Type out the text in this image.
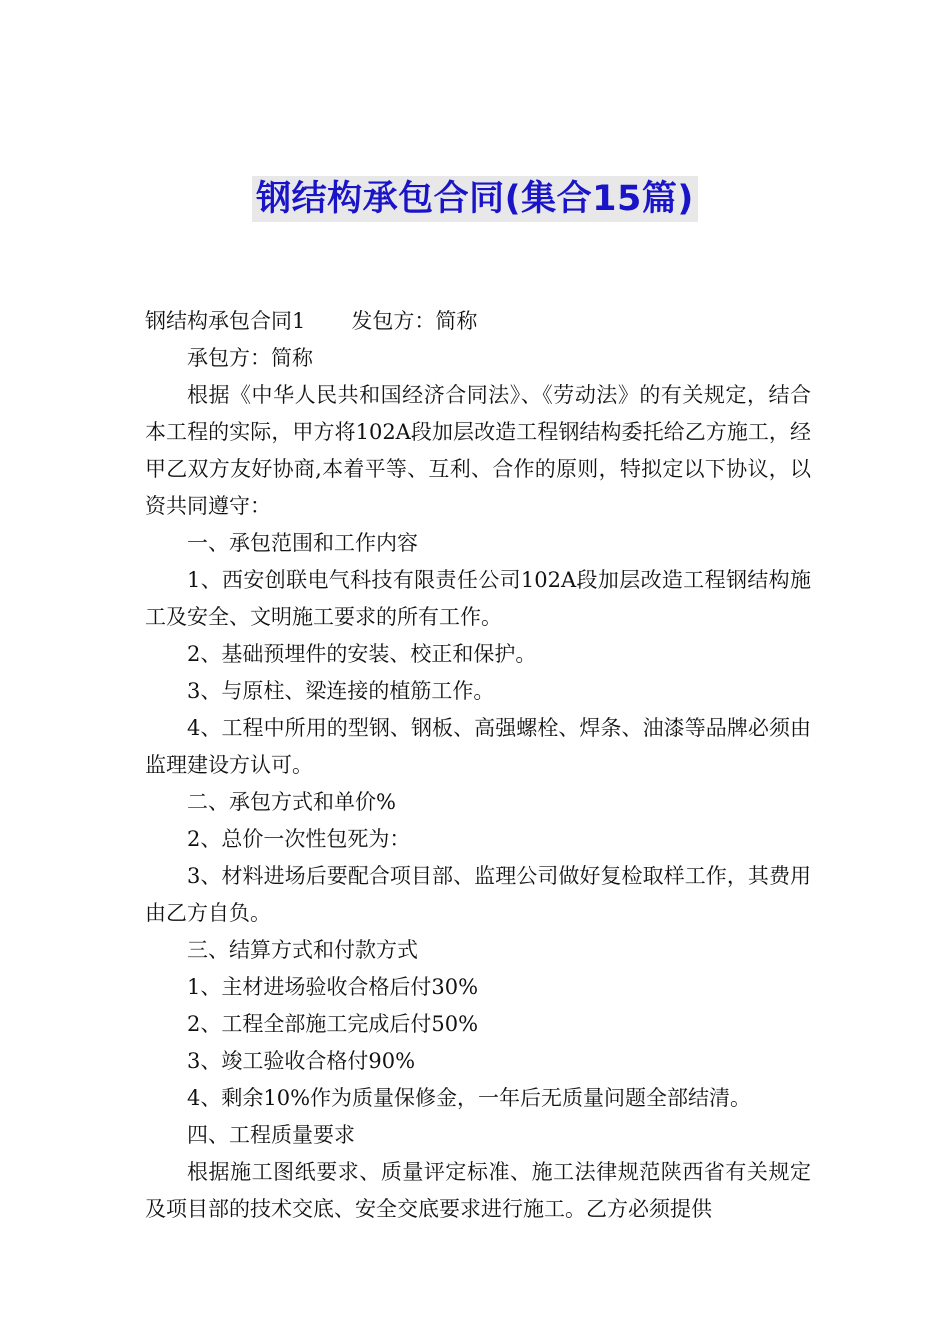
钢结构承包合同(集合15篇)

钢结构承包合同1 发包方：简称

承包方：简称

根据《中华人民共和国经济合同法》、《劳动法》的有关规定，结合本工程的实际，甲方将102A段加层改造工程钢结构委托给乙方施工，经甲乙双方友好协商,本着平等、互利、合作的原则，特拟定以下协议，以资共同遵守：

一、承包范围和工作内容

1、西安创联电气科技有限责任公司102A段加层改造工程钢结构施工及安全、文明施工要求的所有工作。

2、基础预埋件的安装、校正和保护。

3、与原柱、梁连接的植筋工作。

4、工程中所用的型钢、钢板、高强螺栓、焊条、油漆等品牌必须由监理建设方认可。

二、承包方式和单价%

2、总价一次性包死为：

3、材料进场后要配合项目部、监理公司做好复检取样工作，其费用由乙方自负。

三、结算方式和付款方式

1、主材进场验收合格后付30%

2、工程全部施工完成后付50%

3、竣工验收合格付90%

4、剩余10%作为质量保修金，一年后无质量问题全部结清。

四、工程质量要求

根据施工图纸要求、质量评定标准、施工法律规范陕西省有关规定及项目部的技术交底、安全交底要求进行施工。乙方必须提供
